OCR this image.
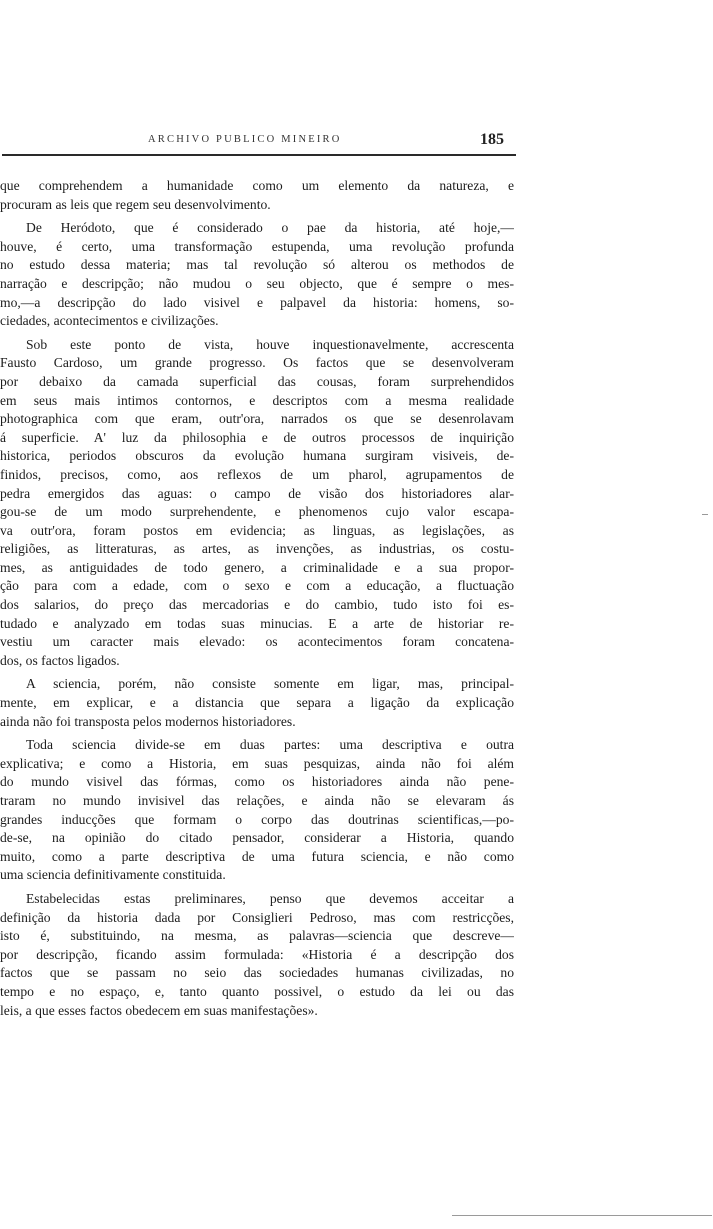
ARCHIVO PUBLICO MINEIRO	185
que comprehendem a humanidade como um elemento da natureza, e
procuram as leis que regem seu desenvolvimento.
De Heródoto, que é considerado o pae da historia, até hoje,—
houve, é certo, uma transformação estupenda, uma revolução profunda
no estudo dessa materia; mas tal revolução só alterou os methodos de
narração e descripção; não mudou o seu objecto, que é sempre o mes-
mo,—a descripção do lado visivel e palpavel da historia: homens, so-
ciedades, acontecimentos e civilizações.
Sob este ponto de vista, houve inquestionavelmente, accrescenta
Fausto Cardoso, um grande progresso. Os factos que se desenvolveram
por debaixo da camada superficial das cousas, foram surprehendidos
em seus mais intimos contornos, e descriptos com a mesma realidade
photographica com que eram, outr'ora, narrados os que se desenrolavam
á superficie. A' luz da philosophia e de outros processos de inquirição
historica, periodos obscuros da evolução humana surgiram visiveis, de-
finidos, precisos, como, aos reflexos de um pharol, agrupamentos de
pedra emergidos das aguas: o campo de visão dos historiadores alar-
gou-se de um modo surprehendente, e phenomenos cujo valor escapa-
va outr'ora, foram postos em evidencia; as linguas, as legislações, as
religiões, as litteraturas, as artes, as invenções, as industrias, os costu-
mes, as antiguidades de todo genero, a criminalidade e a sua propor-
ção para com a edade, com o sexo e com a educação, a fluctuação
dos salarios, do preço das mercadorias e do cambio, tudo isto foi es-
tudado e analyzado em todas suas minucias. E a arte de historiar re-
vestiu um caracter mais elevado: os acontecimentos foram concatena-
dos, os factos ligados.
A sciencia, porém, não consiste somente em ligar, mas, principal-
mente, em explicar, e a distancia que separa a ligação da explicação
ainda não foi transposta pelos modernos historiadores.
Toda sciencia divide-se em duas partes: uma descriptiva e outra
explicativa; e como a Historia, em suas pesquizas, ainda não foi além
do mundo visivel das fórmas, como os historiadores ainda não pene-
traram no mundo invisivel das relações, e ainda não se elevaram ás
grandes inducções que formam o corpo das doutrinas scientificas,—po-
de-se, na opinião do citado pensador, considerar a Historia, quando
muito, como a parte descriptiva de uma futura sciencia, e não como
uma sciencia definitivamente constituida.
Estabelecidas estas preliminares, penso que devemos acceitar a
definição da historia dada por Consiglieri Pedroso, mas com restricções,
isto é, substituindo, na mesma, as palavras—sciencia que descreve—
por descripção, ficando assim formulada: «Historia é a descripção dos
factos que se passam no seio das sociedades humanas civilizadas, no
tempo e no espaço, e, tanto quanto possivel, o estudo da lei ou das
leis, a que esses factos obedecem em suas manifestações».
